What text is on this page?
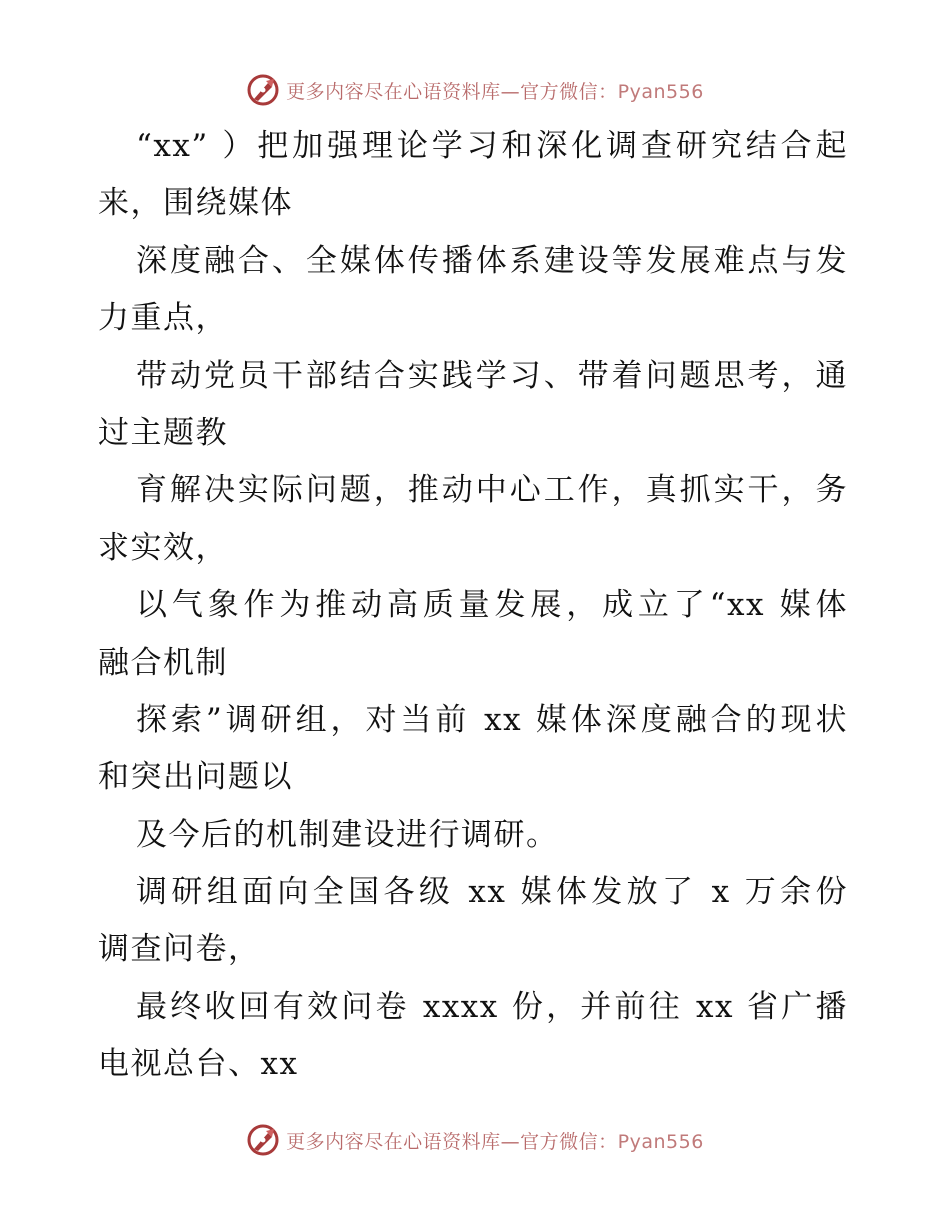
更多内容尽在心语资料库—官方微信：Pyan556
“xx” ）把加强理论学习和深化调查研究结合起
来，围绕媒体
深度融合、全媒体传播体系建设等发展难点与发
力重点，
带动党员干部结合实践学习、带着问题思考，通
过主题教
育解决实际问题，推动中心工作，真抓实干，务
求实效，
以气象作为推动高质量发展，成立了“xx 媒体
融合机制
探索”调研组，对当前 xx 媒体深度融合的现状
和突出问题以
及今后的机制建设进行调研。
调研组面向全国各级 xx 媒体发放了 x 万余份
调查问卷，
最终收回有效问卷 xxxx 份，并前往 xx 省广播
电视总台、xx
更多内容尽在心语资料库—官方微信：Pyan556
